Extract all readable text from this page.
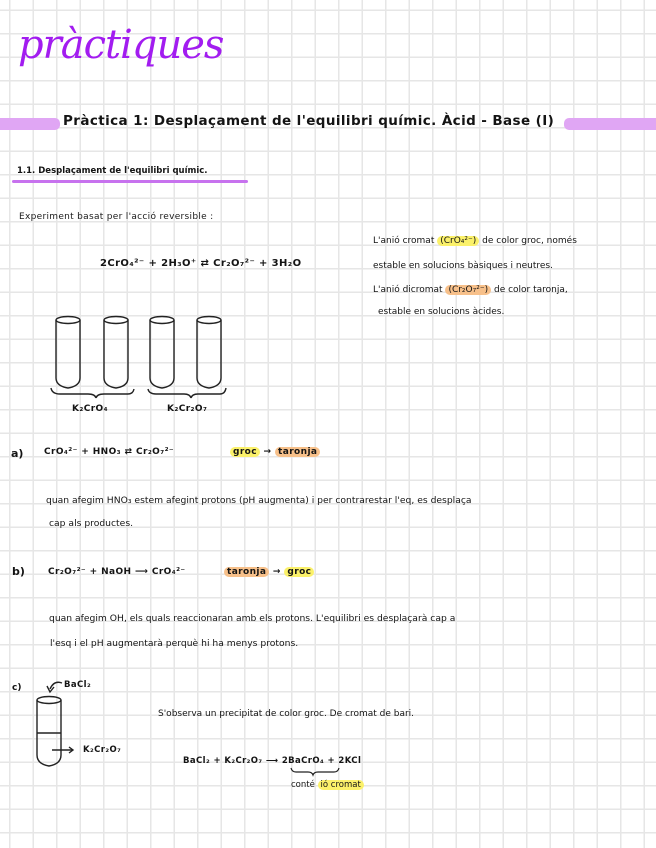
pràctiques
Pràctica 1: Desplaçament de l'equilibri químic. Àcid - Base (I)
1.1. Desplaçament de l'equilibri químic.
Experiment basat per l'acció reversible :
2CrO₄²⁻ + 2H₃O⁺ ⇄ Cr₂O₇²⁻ + 3H₂O
L'anió cromat (CrO₄²⁻) de color groc, només
estable en solucions bàsiques i neutres.
L'anió dicromat (Cr₂O₇²⁻) de color taronja,
estable en solucions àcides.
K₂CrO₄	K₂Cr₂O₇
a) CrO₄²⁻ + HNO₃ ⇄ Cr₂O₇²⁻	groc → taronja
quan afegim HNO₃ estem afegint protons (pH augmenta) i per contrarestar l'eq, es desplaça
cap als productes.
b)	Cr₂O₇²⁻ + NaOH ⟶ CrO₄²⁻	taronja → groc
quan afegim OH, els quals reaccionaran amb els protons. L'equilibri es desplaçarà cap a
l'esq i el pH augmentarà perquè hi ha menys protons.
c)	BaCl₂
K₂Cr₂O₇
S'observa un precipitat de color groc. De cromat de bari.
BaCl₂ + K₂Cr₂O₇ ⟶ 2BaCrO₄ + 2KCl
conté ió cromat
